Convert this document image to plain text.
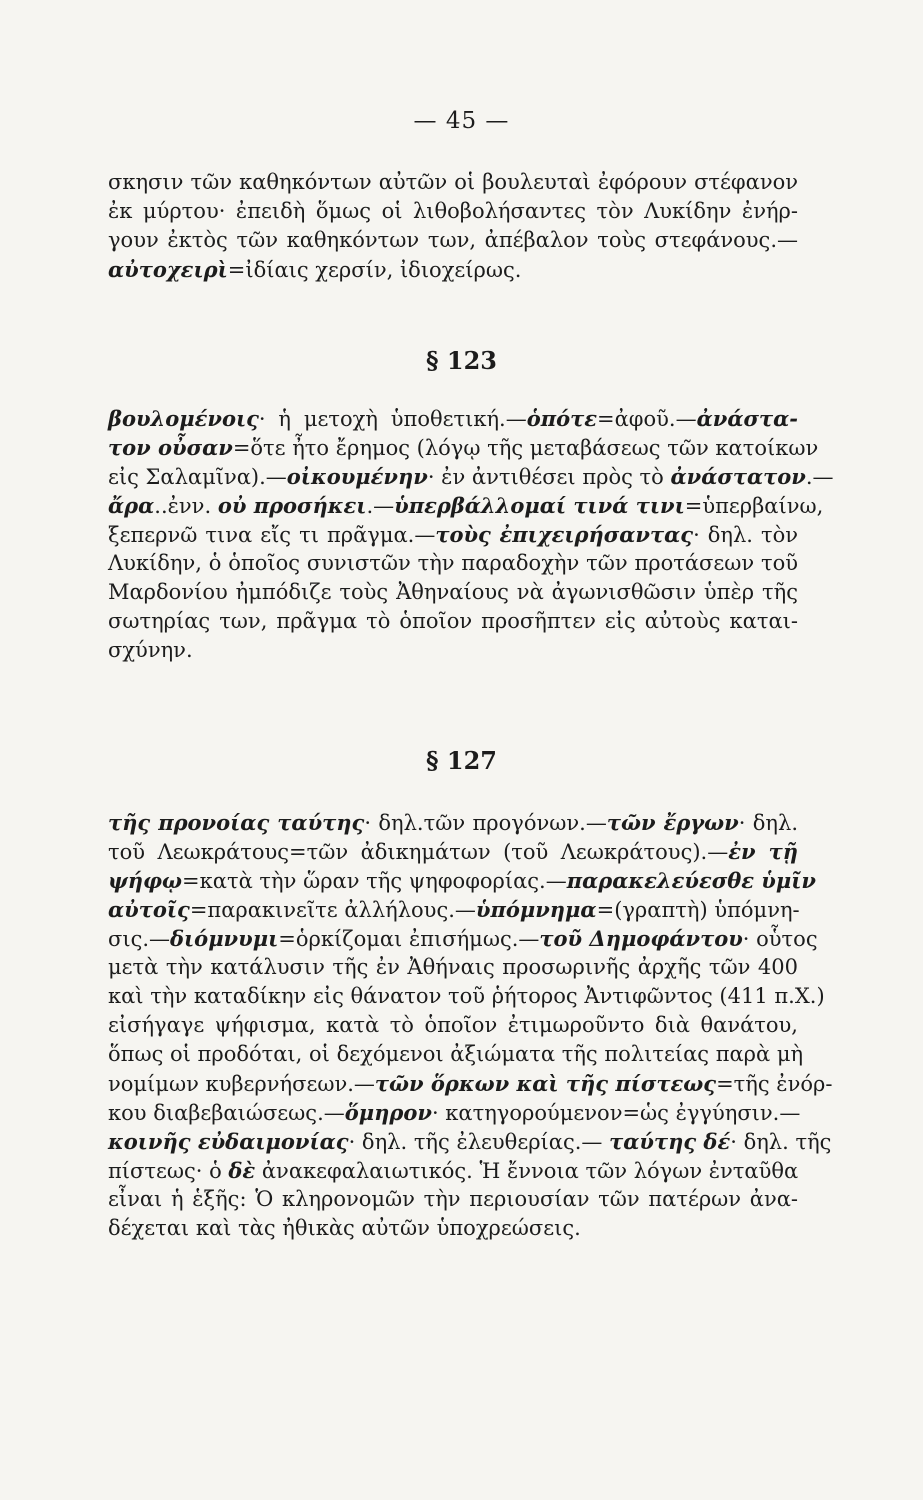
— 45 —
σκησιν τῶν καθηκόντων αὐτῶν οἱ βουλευταὶ ἐφόρουν στέφανον
ἐκ μύρτου· ἐπειδὴ ὅμως οἱ λιθοβολήσαντες τὸν Λυκίδην ἐνήρ-
γουν ἐκτὸς τῶν καθηκόντων των, ἀπέβαλον τοὺς στεφάνους.—
αὐτοχειρὶ=ἰδίαις χερσίν, ἰδιοχείρως.
§ 123
βουλομένοις· ἡ μετοχὴ ὑποθετική.—ὁπότε=ἀφοῦ.—ἀνάστα-
τον οὖσαν=ὅτε ἦτο ἔρημος (λόγῳ τῆς μεταβάσεως τῶν κατοίκων
εἰς Σαλαμῖνα).—οἰκουμένην· ἐν ἀντιθέσει πρὸς τὸ ἀνάστατον.—
ἄρα..ἐνν. οὐ προσήκει.—ὑπερβάλλομαί τινά τινι=ὑπερβαίνω,
ξεπερνῶ τινα εἴς τι πρᾶγμα.—τοὺς ἐπιχειρήσαντας· δηλ. τὸν
Λυκίδην, ὁ ὁποῖος συνιστῶν τὴν παραδοχὴν τῶν προτάσεων τοῦ
Μαρδονίου ἠμπόδιζε τοὺς Ἀθηναίους νὰ ἀγωνισθῶσιν ὑπὲρ τῆς
σωτηρίας των, πρᾶγμα τὸ ὁποῖον προσῆπτεν εἰς αὐτοὺς καται-
σχύνην.
§ 127
τῆς προνοίας ταύτης· δηλ.τῶν προγόνων.—τῶν ἔργων· δηλ.
τοῦ Λεωκράτους=τῶν ἀδικημάτων (τοῦ Λεωκράτους).—ἐν τῇ
ψήφῳ=κατὰ τὴν ὥραν τῆς ψηφοφορίας.—παρακελεύεσθε ὑμῖν
αὐτοῖς=παρακινεῖτε ἀλλήλους.—ὑπόμνημα=(γραπτὴ) ὑπόμνη-
σις.—διόμνυμι=ὁρκίζομαι ἐπισήμως.—τοῦ Δημοφάντου· οὗτος
μετὰ τὴν κατάλυσιν τῆς ἐν Ἀθήναις προσωρινῆς ἀρχῆς τῶν 400
καὶ τὴν καταδίκην εἰς θάνατον τοῦ ῥήτορος Ἀντιφῶντος (411 π.Χ.)
εἰσήγαγε ψήφισμα, κατὰ τὸ ὁποῖον ἐτιμωροῦντο διὰ θανάτου,
ὅπως οἱ προδόται, οἱ δεχόμενοι ἀξιώματα τῆς πολιτείας παρὰ μὴ
νομίμων κυβερνήσεων.—τῶν ὅρκων καὶ τῆς πίστεως=τῆς ἐνόρ-
κου διαβεβαιώσεως.—ὅμηρον· κατηγορούμενον=ὡς ἐγγύησιν.—
κοινῆς εὐδαιμονίας· δηλ. τῆς ἐλευθερίας.— ταύτης δέ· δηλ. τῆς
πίστεως· ὁ δὲ ἀνακεφαλαιωτικός. Ἡ ἔννοια τῶν λόγων ἐνταῦθα
εἶναι ἡ ἑξῆς: Ὁ κληρονομῶν τὴν περιουσίαν τῶν πατέρων ἀνα-
δέχεται καὶ τὰς ἠθικὰς αὐτῶν ὑποχρεώσεις.
